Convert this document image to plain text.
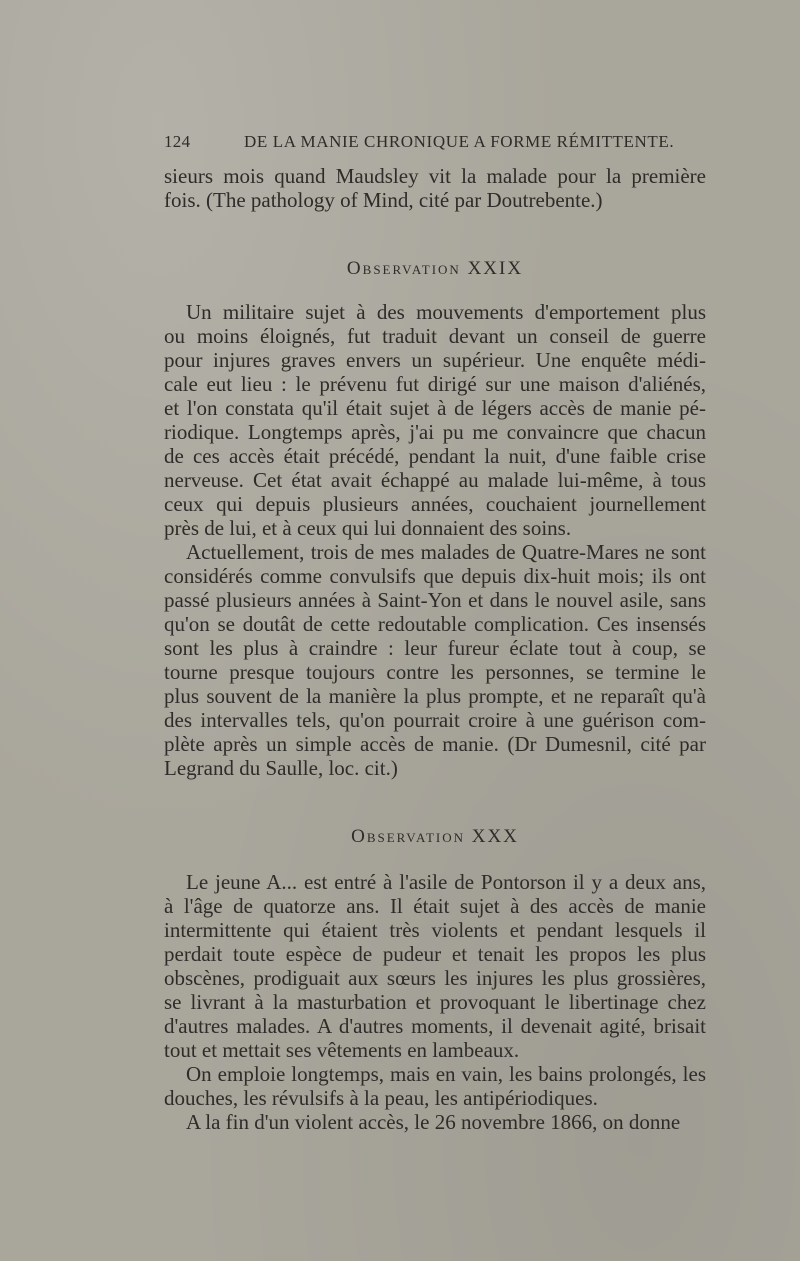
124	DE LA MANIE CHRONIQUE A FORME RÉMITTENTE.
sieurs mois quand Maudsley vit la malade pour la première
fois. (The pathology of Mind, cité par Doutrebente.)
Observation XXIX
Un militaire sujet à des mouvements d'emportement plus
ou moins éloignés, fut traduit devant un conseil de guerre
pour injures graves envers un supérieur. Une enquête médi-
cale eut lieu : le prévenu fut dirigé sur une maison d'aliénés,
et l'on constata qu'il était sujet à de légers accès de manie pé-
riodique. Longtemps après, j'ai pu me convaincre que chacun
de ces accès était précédé, pendant la nuit, d'une faible crise
nerveuse. Cet état avait échappé au malade lui-même, à tous
ceux qui depuis plusieurs années, couchaient journellement
près de lui, et à ceux qui lui donnaient des soins.
Actuellement, trois de mes malades de Quatre-Mares ne sont
considérés comme convulsifs que depuis dix-huit mois; ils ont
passé plusieurs années à Saint-Yon et dans le nouvel asile, sans
qu'on se doutât de cette redoutable complication. Ces insensés
sont les plus à craindre : leur fureur éclate tout à coup, se
tourne presque toujours contre les personnes, se termine le
plus souvent de la manière la plus prompte, et ne reparaît qu'à
des intervalles tels, qu'on pourrait croire à une guérison com-
plète après un simple accès de manie. (Dr Dumesnil, cité par
Legrand du Saulle, loc. cit.)
Observation XXX
Le jeune A... est entré à l'asile de Pontorson il y a deux ans,
à l'âge de quatorze ans. Il était sujet à des accès de manie
intermittente qui étaient très violents et pendant lesquels il
perdait toute espèce de pudeur et tenait les propos les plus
obscènes, prodiguait aux sœurs les injures les plus grossières,
se livrant à la masturbation et provoquant le libertinage chez
d'autres malades. A d'autres moments, il devenait agité, brisait
tout et mettait ses vêtements en lambeaux.
On emploie longtemps, mais en vain, les bains prolongés, les
douches, les révulsifs à la peau, les antipériodiques.
A la fin d'un violent accès, le 26 novembre 1866, on donne
